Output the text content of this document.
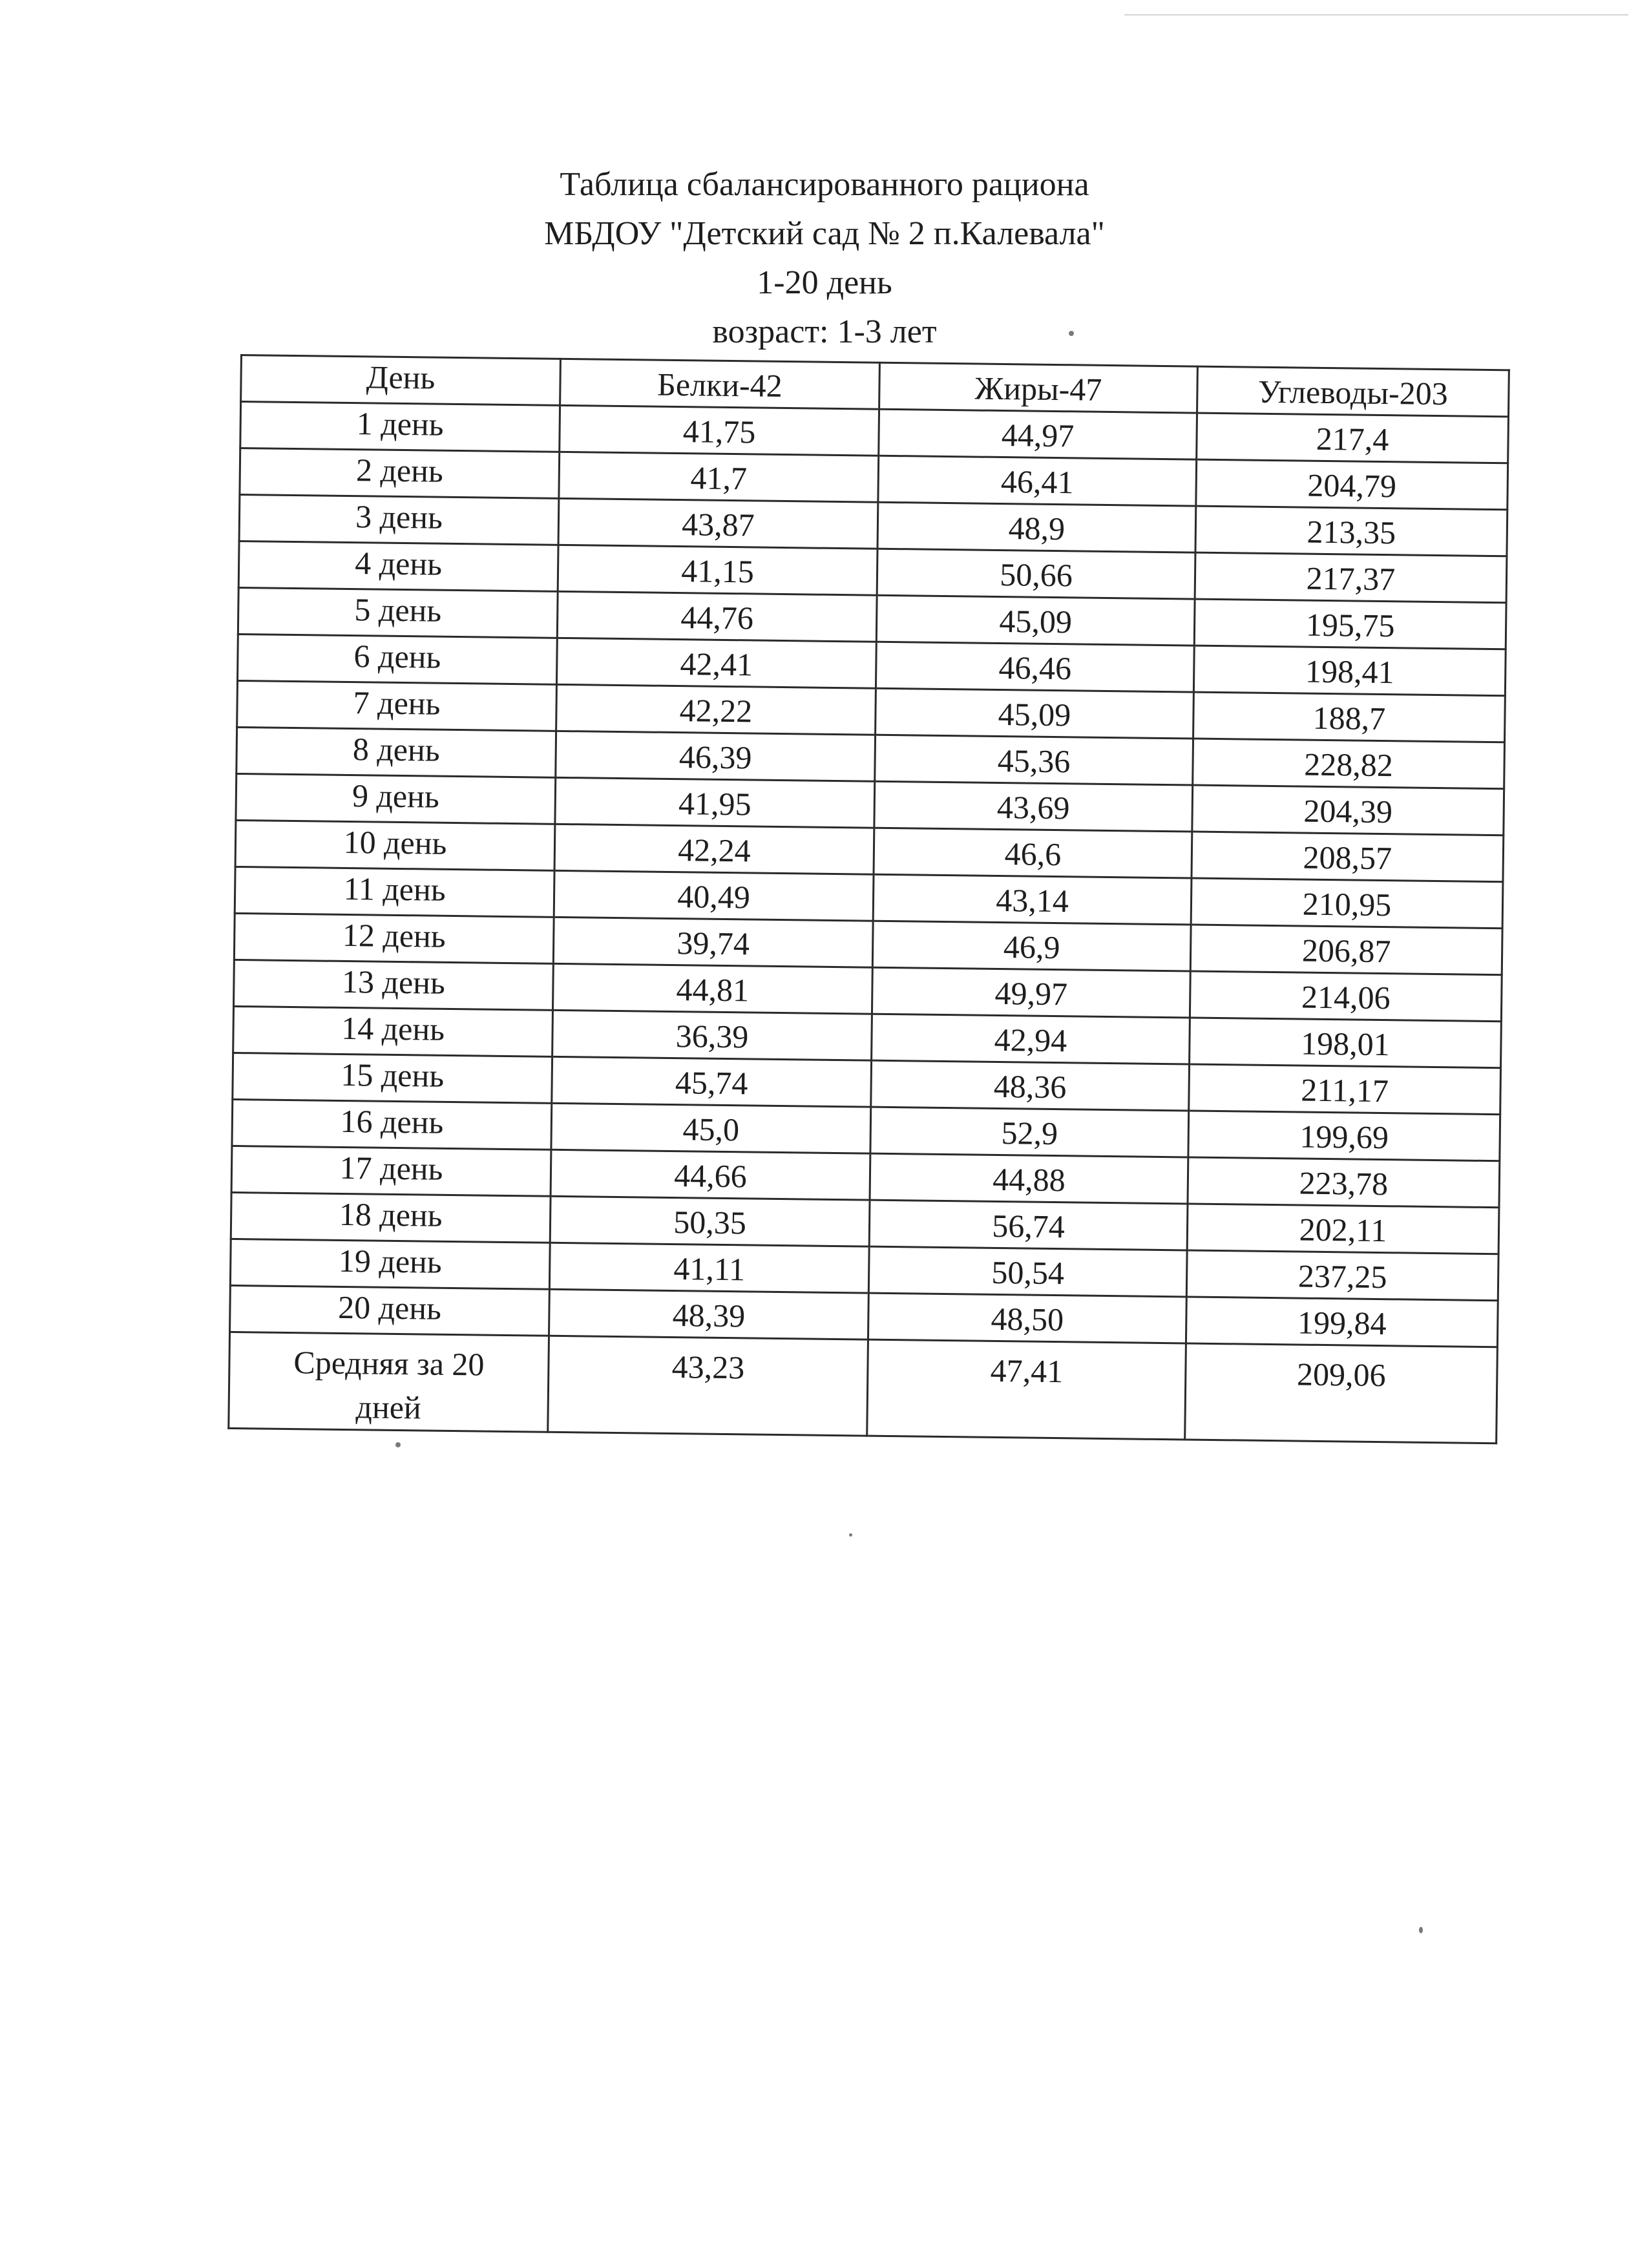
Таблица сбалансированного рациона
МБДОУ "Детский сад № 2 п.Калевала"
1-20 день
возраст: 1-3 лет
День	Белки-42	Жиры-47	Углеводы-203
1 день	41,75	44,97	217,4
2 день	41,7	46,41	204,79
3 день	43,87	48,9	213,35
4 день	41,15	50,66	217,37
5 день	44,76	45,09	195,75
6 день	42,41	46,46	198,41
7 день	42,22	45,09	188,7
8 день	46,39	45,36	228,82
9 день	41,95	43,69	204,39
10 день	42,24	46,6	208,57
11 день	40,49	43,14	210,95
12 день	39,74	46,9	206,87
13 день	44,81	49,97	214,06
14 день	36,39	42,94	198,01
15 день	45,74	48,36	211,17
16 день	45,0	52,9	199,69
17 день	44,66	44,88	223,78
18 день	50,35	56,74	202,11
19 день	41,11	50,54	237,25
20 день	48,39	48,50	199,84

Средняя за 20
дней	43,23	47,41	209,06
